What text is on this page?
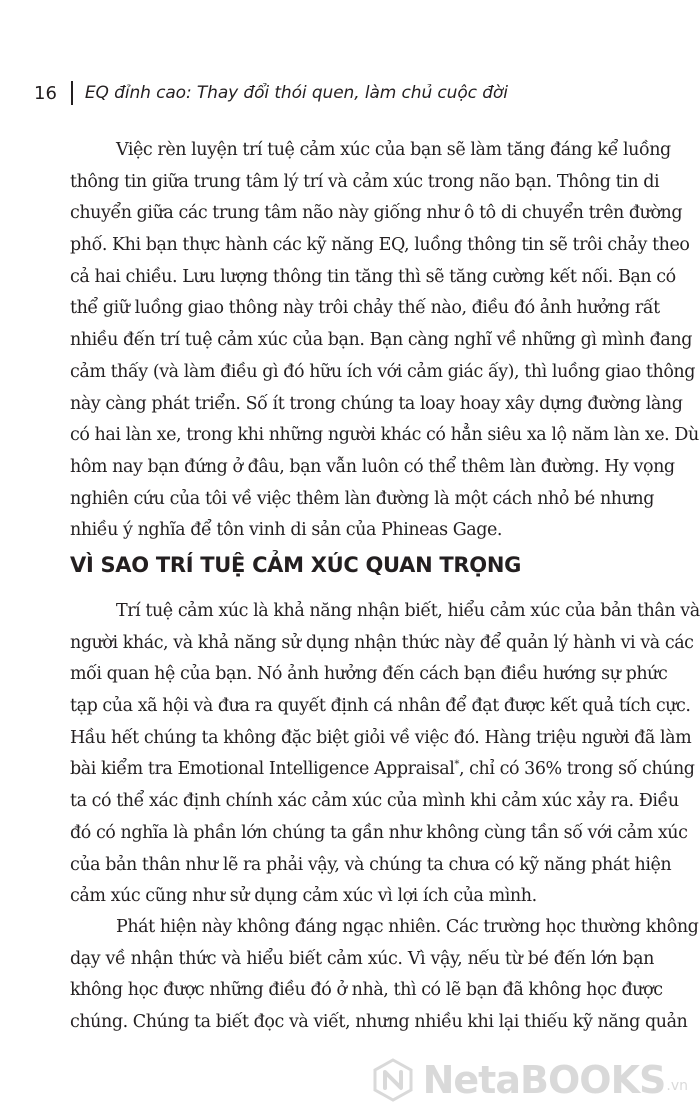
16 EQ đỉnh cao: Thay đổi thói quen, làm chủ cuộc đời
Việc rèn luyện trí tuệ cảm xúc của bạn sẽ làm tăng đáng kể luồng
thông tin giữa trung tâm lý trí và cảm xúc trong não bạn. Thông tin di
chuyển giữa các trung tâm não này giống như ô tô di chuyển trên đường
phố. Khi bạn thực hành các kỹ năng EQ, luồng thông tin sẽ trôi chảy theo
cả hai chiều. Lưu lượng thông tin tăng thì sẽ tăng cường kết nối. Bạn có
thể giữ luồng giao thông này trôi chảy thế nào, điều đó ảnh hưởng rất
nhiều đến trí tuệ cảm xúc của bạn. Bạn càng nghĩ về những gì mình đang
cảm thấy (và làm điều gì đó hữu ích với cảm giác ấy), thì luồng giao thông
này càng phát triển. Số ít trong chúng ta loay hoay xây dựng đường làng
có hai làn xe, trong khi những người khác có hẳn siêu xa lộ năm làn xe. Dù
hôm nay bạn đứng ở đâu, bạn vẫn luôn có thể thêm làn đường. Hy vọng
nghiên cứu của tôi về việc thêm làn đường là một cách nhỏ bé nhưng
nhiều ý nghĩa để tôn vinh di sản của Phineas Gage.
VÌ SAO TRÍ TUỆ CẢM XÚC QUAN TRỌNG
Trí tuệ cảm xúc là khả năng nhận biết, hiểu cảm xúc của bản thân và
người khác, và khả năng sử dụng nhận thức này để quản lý hành vi và các
mối quan hệ của bạn. Nó ảnh hưởng đến cách bạn điều hướng sự phức
tạp của xã hội và đưa ra quyết định cá nhân để đạt được kết quả tích cực.
Hầu hết chúng ta không đặc biệt giỏi về việc đó. Hàng triệu người đã làm
bài kiểm tra Emotional Intelligence Appraisal*, chỉ có 36% trong số chúng
ta có thể xác định chính xác cảm xúc của mình khi cảm xúc xảy ra. Điều
đó có nghĩa là phần lớn chúng ta gần như không cùng tần số với cảm xúc
của bản thân như lẽ ra phải vậy, và chúng ta chưa có kỹ năng phát hiện
cảm xúc cũng như sử dụng cảm xúc vì lợi ích của mình.
Phát hiện này không đáng ngạc nhiên. Các trường học thường không
dạy về nhận thức và hiểu biết cảm xúc. Vì vậy, nếu từ bé đến lớn bạn
không học được những điều đó ở nhà, thì có lẽ bạn đã không học được
chúng. Chúng ta biết đọc và viết, nhưng nhiều khi lại thiếu kỹ năng quản
NetaBOOKS .vn
